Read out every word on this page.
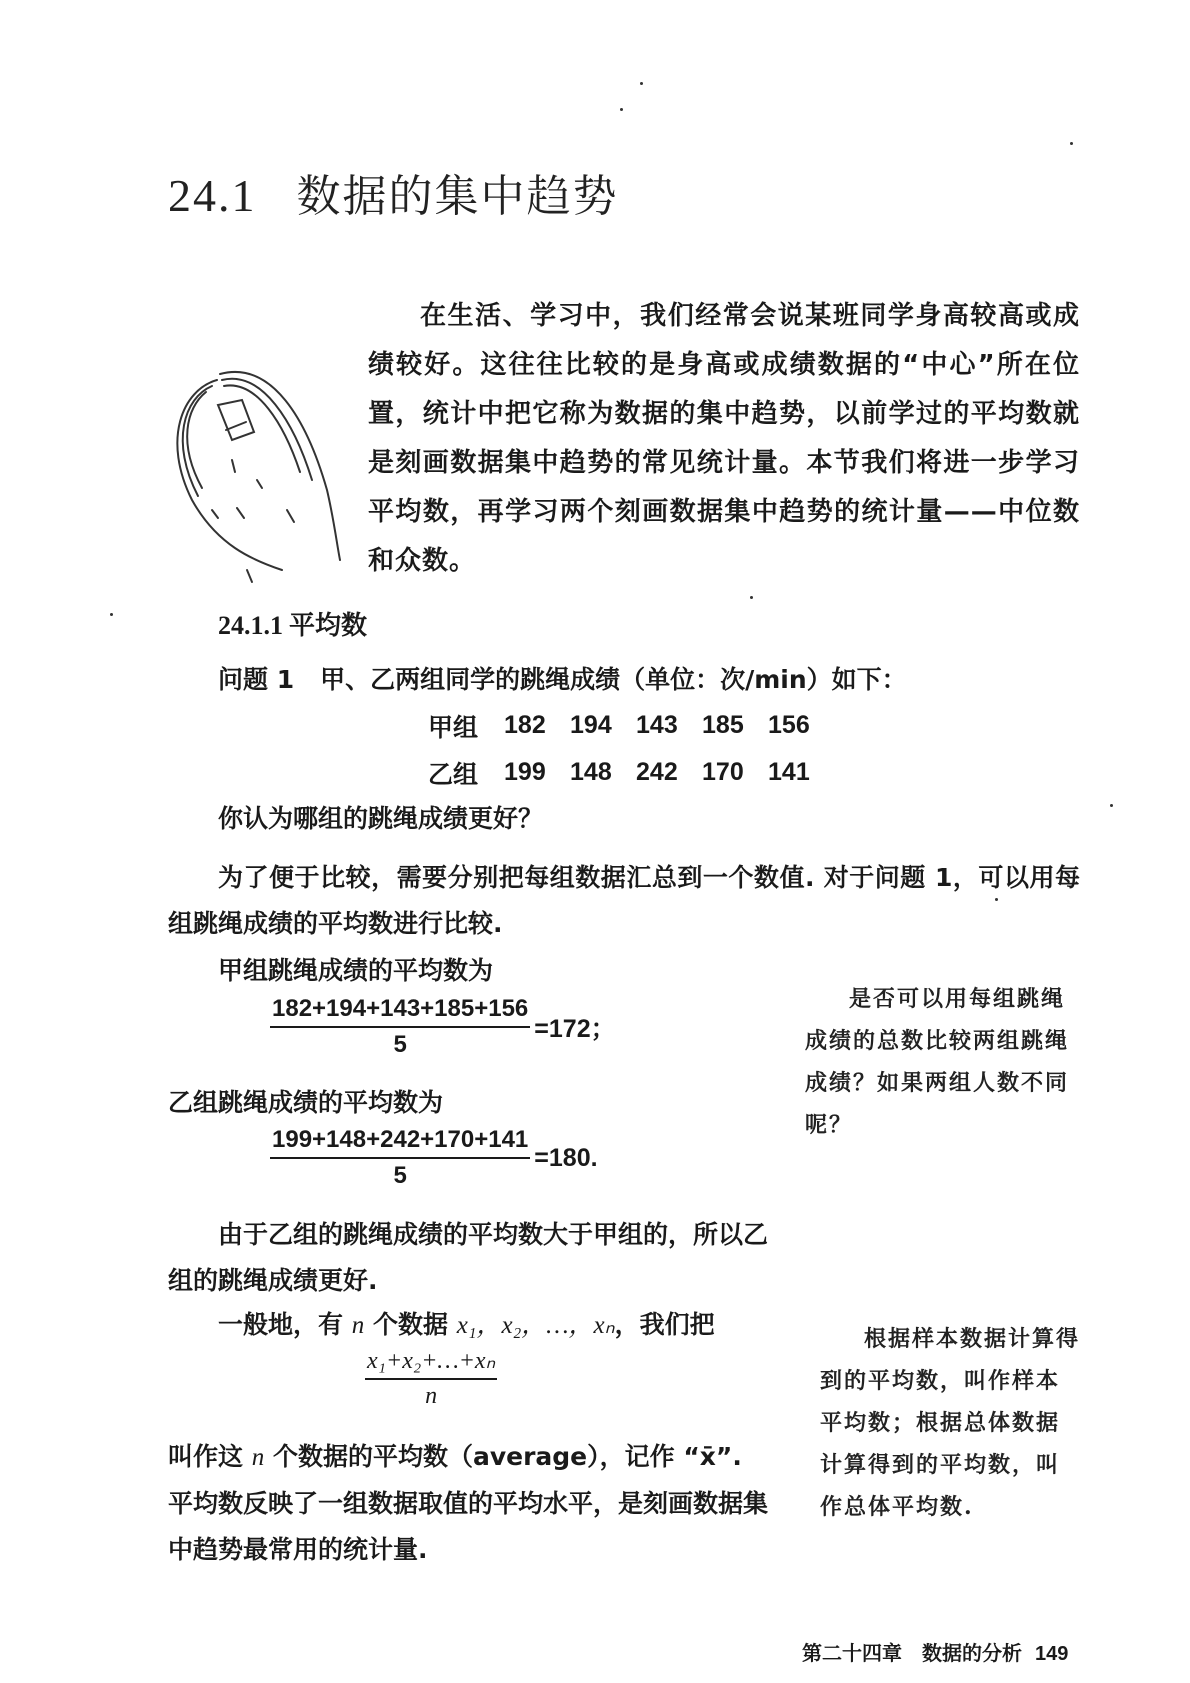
24.1 数据的集中趋势

在生活、学习中，我们经常会说某班同学身高较高或成绩较好。这往往比较的是身高或成绩数据的“中心”所在位置，统计中把它称为数据的集中趋势，以前学过的平均数就是刻画数据集中趋势的常见统计量。本节我们将进一步学习平均数，再学习两个刻画数据集中趋势的统计量——中位数和众数。

24.1.1 平均数
问题 1 甲、乙两组同学的跳绳成绩（单位：次/min）如下：
甲组	182	194	143	185	156
乙组	199	148	242	170	141
你认为哪组的跳绳成绩更好？

为了便于比较，需要分别把每组数据汇总到一个数值. 对于问题 1，可以用每组跳绳成绩的平均数进行比较.

甲组跳绳成绩的平均数为
$\frac{182+194+143+185+156}{5} =172$；
乙组跳绳成绩的平均数为
$\frac{199+148+242+170+141}{5} =180$.

由于乙组的跳绳成绩的平均数大于甲组的，所以乙组的跳绳成绩更好.

一般地，有 n 个数据 x₁，x₂，…，xₙ，我们把
$\frac{\text{x₁+x₂+…+xₙ}}{n}$
叫作这 n 个数据的平均数（average），记作 “x̄”.
平均数反映了一组数据取值的平均水平，是刻画数据集中趋势最常用的统计量.

是否可以用每组跳绳成绩的总数比较两组跳绳成绩？如果两组人数不同呢？

根据样本数据计算得到的平均数，叫作样本平均数；根据总体数据计算得到的平均数，叫作总体平均数.

第二十四章　数据的分析 149
